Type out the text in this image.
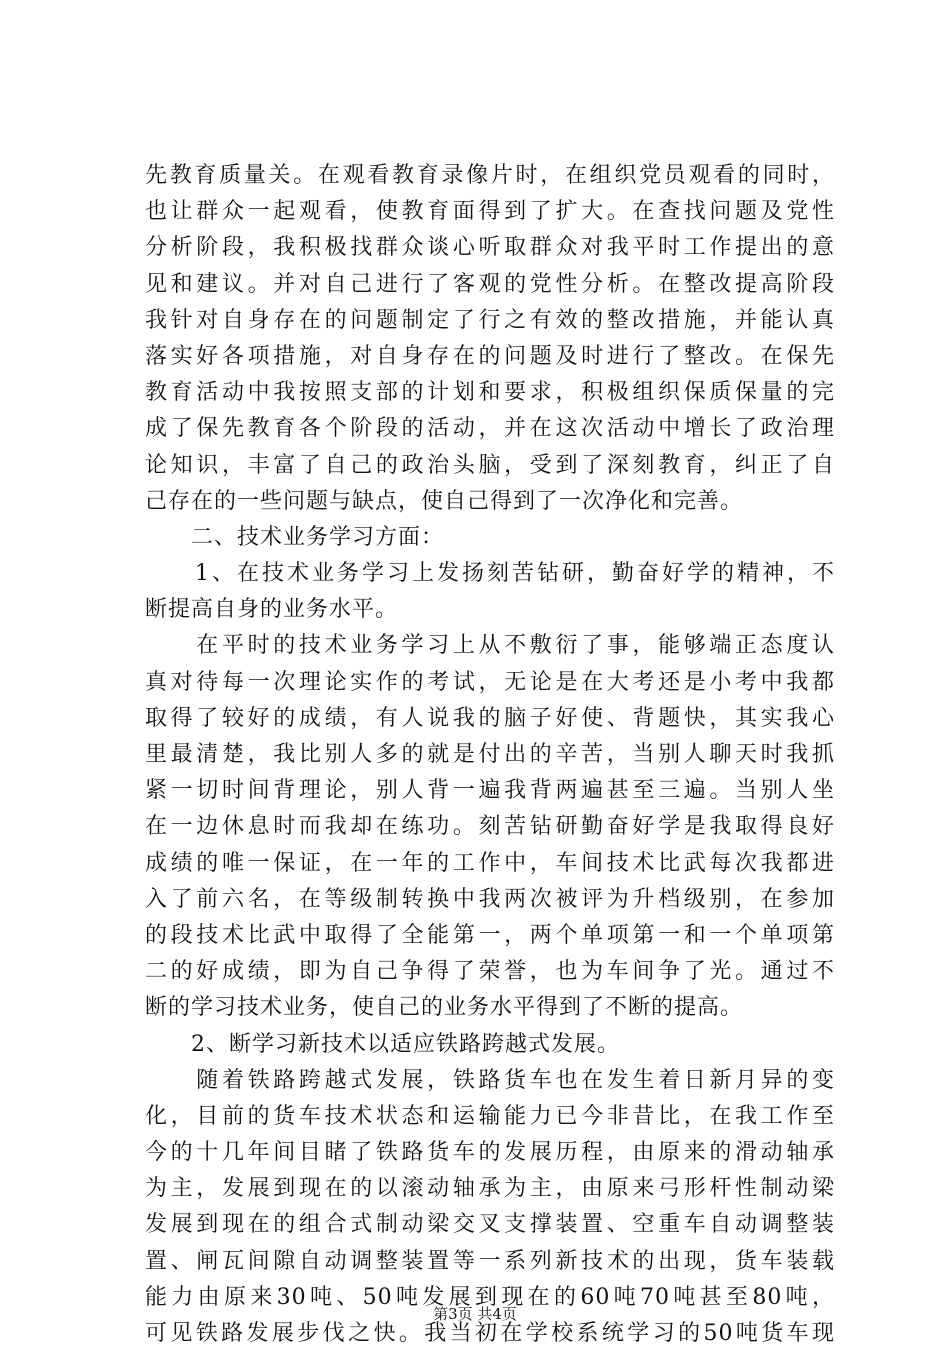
先教育质量关。在观看教育录像片时，在组织党员观看的同时，
也让群众一起观看，使教育面得到了扩大。在查找问题及党性
分析阶段，我积极找群众谈心听取群众对我平时工作提出的意
见和建议。并对自己进行了客观的党性分析。在整改提高阶段
我针对自身存在的问题制定了行之有效的整改措施，并能认真
落实好各项措施，对自身存在的问题及时进行了整改。在保先
教育活动中我按照支部的计划和要求，积极组织保质保量的完
成了保先教育各个阶段的活动，并在这次活动中增长了政治理
论知识，丰富了自己的政治头脑，受到了深刻教育，纠正了自
己存在的一些问题与缺点，使自己得到了一次净化和完善。
　　二、技术业务学习方面：
　　1、在技术业务学习上发扬刻苦钻研，勤奋好学的精神，不
断提高自身的业务水平。
　　在平时的技术业务学习上从不敷衍了事，能够端正态度认
真对待每一次理论实作的考试，无论是在大考还是小考中我都
取得了较好的成绩，有人说我的脑子好使、背题快，其实我心
里最清楚，我比别人多的就是付出的辛苦，当别人聊天时我抓
紧一切时间背理论，别人背一遍我背两遍甚至三遍。当别人坐
在一边休息时而我却在练功。刻苦钻研勤奋好学是我取得良好
成绩的唯一保证，在一年的工作中，车间技术比武每次我都进
入了前六名，在等级制转换中我两次被评为升档级别，在参加
的段技术比武中取得了全能第一，两个单项第一和一个单项第
二的好成绩，即为自己争得了荣誉，也为车间争了光。通过不
断的学习技术业务，使自己的业务水平得到了不断的提高。
　　2、断学习新技术以适应铁路跨越式发展。
　　随着铁路跨越式发展，铁路货车也在发生着日新月异的变
化，目前的货车技术状态和运输能力已今非昔比，在我工作至
今的十几年间目睹了铁路货车的发展历程，由原来的滑动轴承
为主，发展到现在的以滚动轴承为主，由原来弓形杆性制动梁
发展到现在的组合式制动梁交叉支撑装置、空重车自动调整装
置、闸瓦间隙自动调整装置等一系列新技术的出现，货车装载
能力由原来30吨、50吨发展到现在的60吨70吨甚至80吨，
可见铁路发展步伐之快。我当初在学校系统学习的50吨货车现
第3页 共4页
